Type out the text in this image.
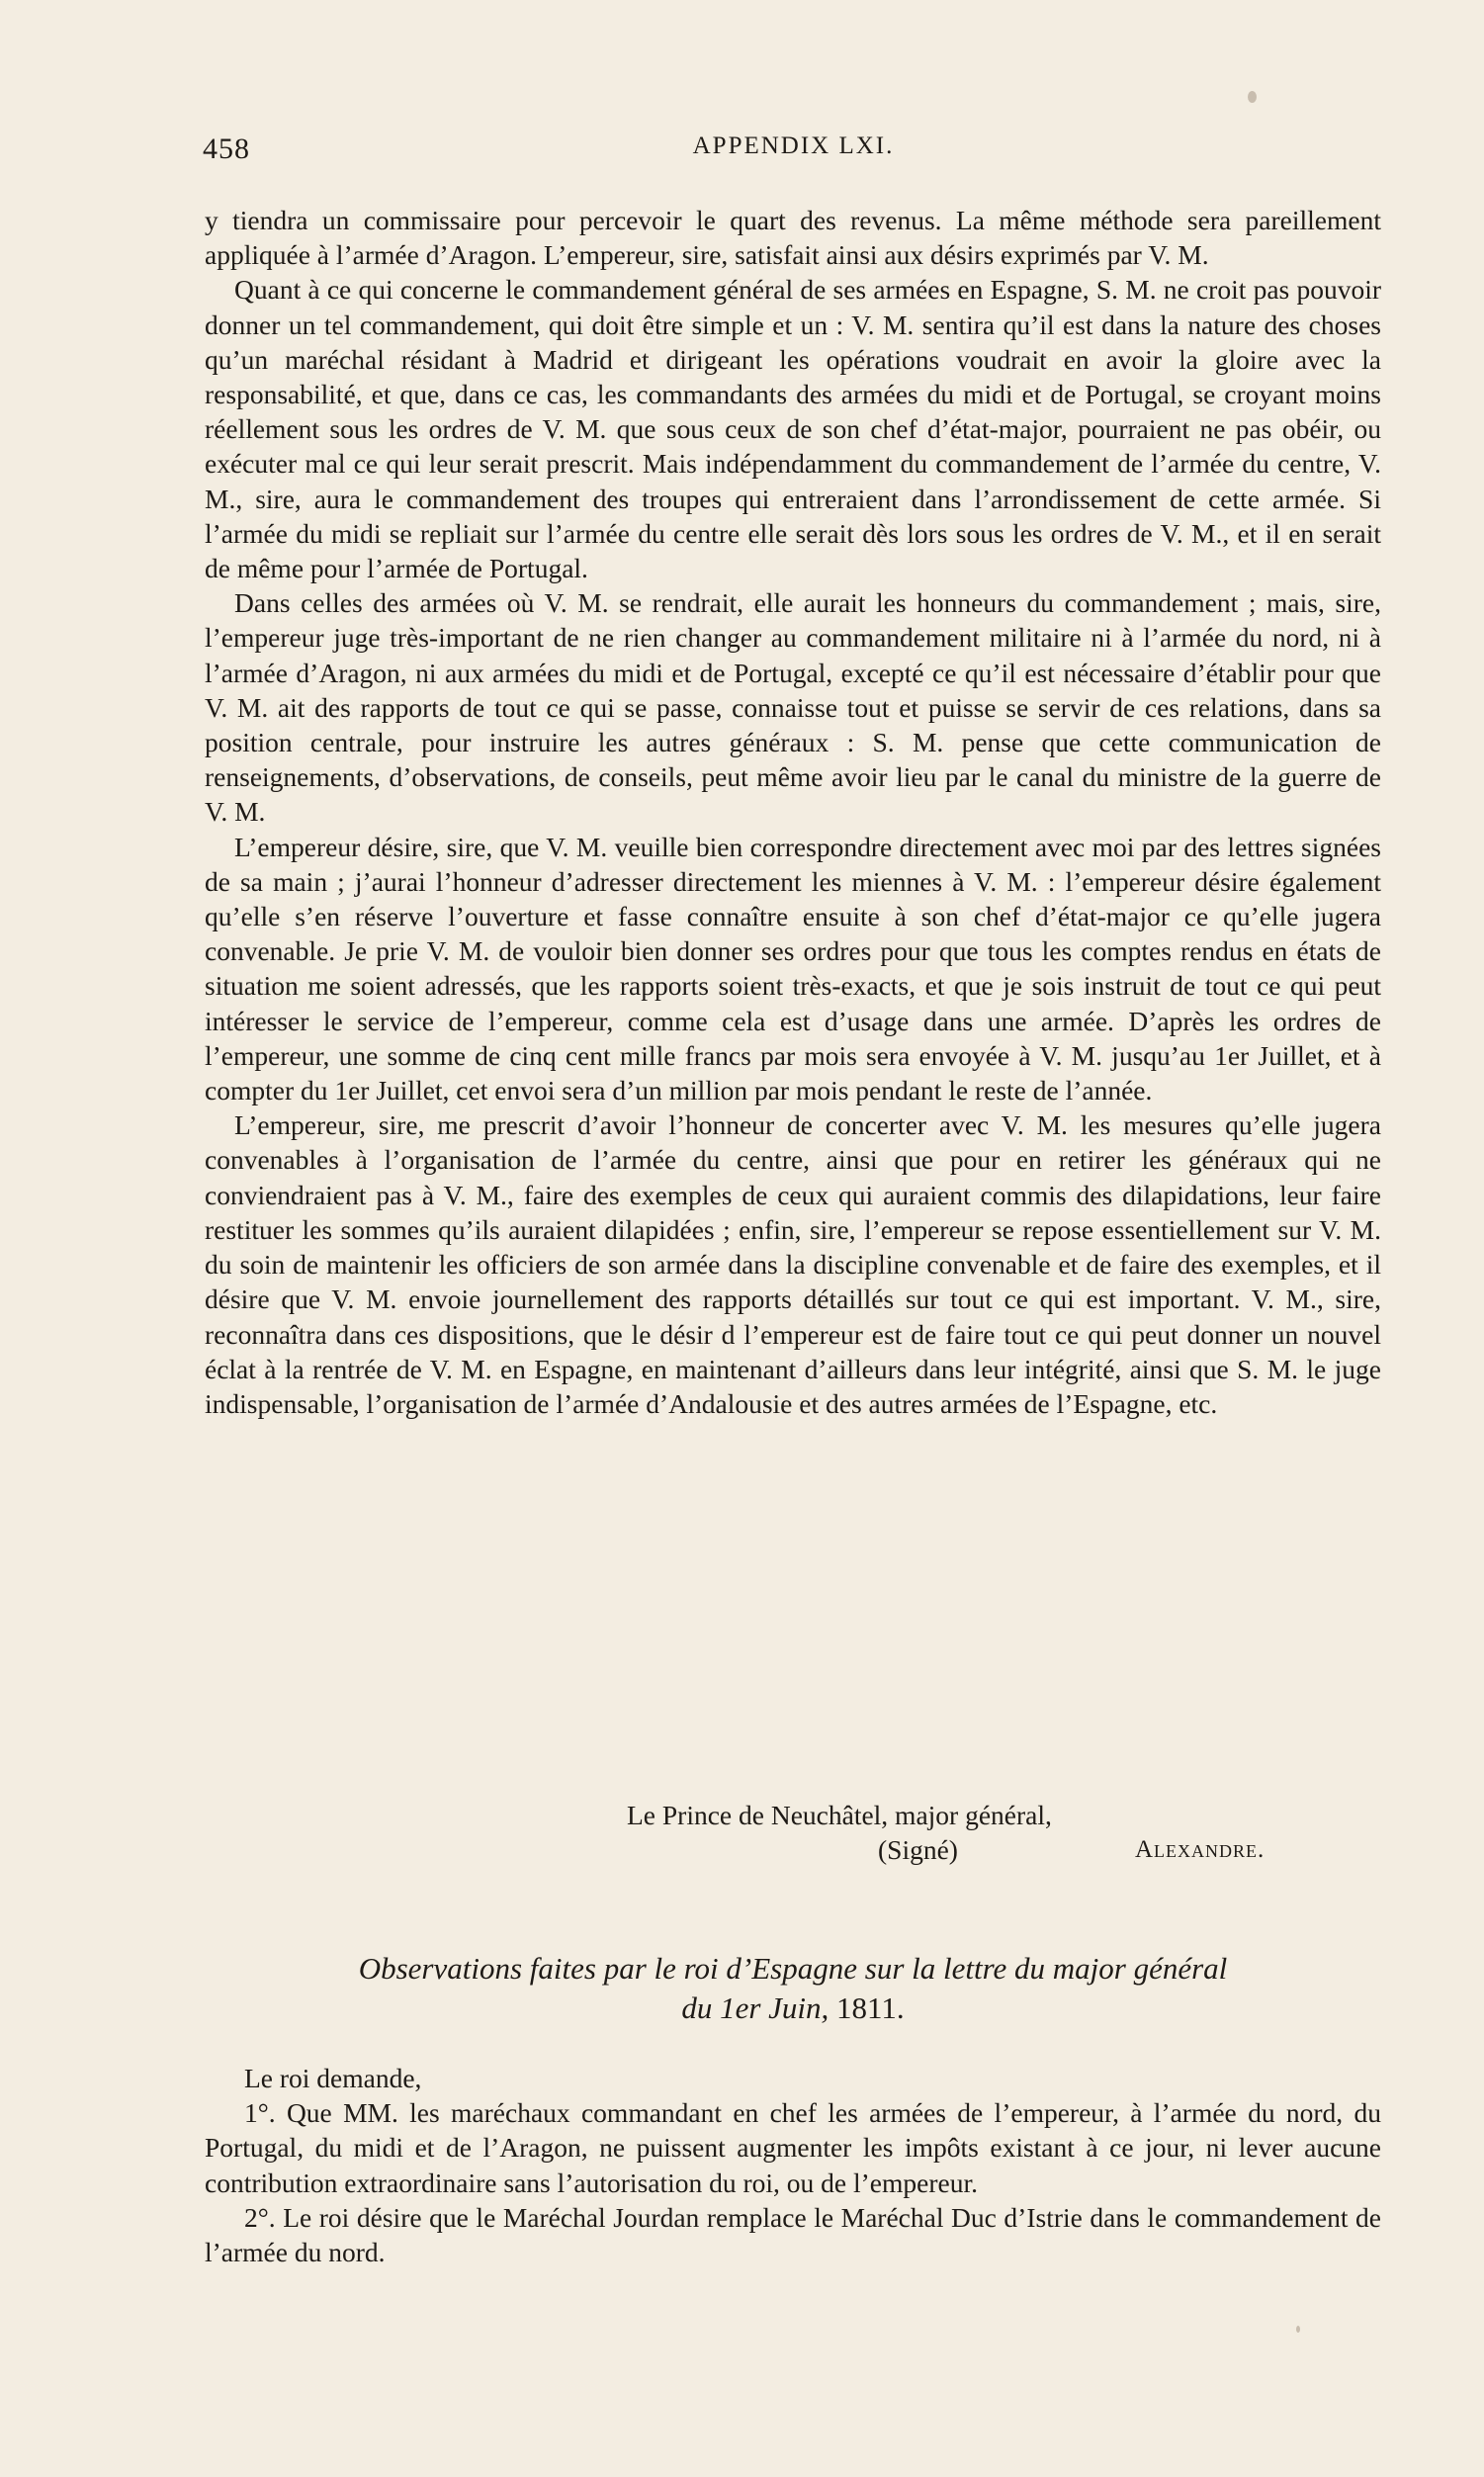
458	APPENDIX LXI.

y tiendra un commissaire pour percevoir le quart des revenus. La même méthode sera pareillement appliquée à l’armée d’Aragon. L’empereur, sire, satisfait ainsi aux désirs exprimés par V. M.

Quant à ce qui concerne le commandement général de ses armées en Espagne, S. M. ne croit pas pouvoir donner un tel commandement, qui doit être simple et un : V. M. sentira qu’il est dans la nature des choses qu’un maréchal résidant à Madrid et dirigeant les opérations voudrait en avoir la gloire avec la responsabilité, et que, dans ce cas, les commandants des armées du midi et de Portugal, se croyant moins réellement sous les ordres de V. M. que sous ceux de son chef d’état-major, pourraient ne pas obéir, ou exécuter mal ce qui leur serait prescrit. Mais indépendamment du commandement de l’armée du centre, V. M., sire, aura le commandement des troupes qui entreraient dans l’arrondissement de cette armée. Si l’armée du midi se repliait sur l’armée du centre elle serait dès lors sous les ordres de V. M., et il en serait de même pour l’armée de Portugal.

Dans celles des armées où V. M. se rendrait, elle aurait les honneurs du commandement ; mais, sire, l’empereur juge très-important de ne rien changer au commandement militaire ni à l’armée du nord, ni à l’armée d’Aragon, ni aux armées du midi et de Portugal, excepté ce qu’il est nécessaire d’établir pour que V. M. ait des rapports de tout ce qui se passe, connaisse tout et puisse se servir de ces relations, dans sa position centrale, pour instruire les autres généraux : S. M. pense que cette communication de renseignements, d’observations, de conseils, peut même avoir lieu par le canal du ministre de la guerre de V. M.

L’empereur désire, sire, que V. M. veuille bien correspondre directement avec moi par des lettres signées de sa main ; j’aurai l’honneur d’adresser directement les miennes à V. M. : l’empereur désire également qu’elle s’en réserve l’ouverture et fasse connaître ensuite à son chef d’état-major ce qu’elle jugera convenable. Je prie V. M. de vouloir bien donner ses ordres pour que tous les comptes rendus en états de situation me soient adressés, que les rapports soient très-exacts, et que je sois instruit de tout ce qui peut intéresser le service de l’empereur, comme cela est d’usage dans une armée. D’après les ordres de l’empereur, une somme de cinq cent mille francs par mois sera envoyée à V. M. jusqu’au 1er Juillet, et à compter du 1er Juillet, cet envoi sera d’un million par mois pendant le reste de l’année.

L’empereur, sire, me prescrit d’avoir l’honneur de concerter avec V. M. les mesures qu’elle jugera convenables à l’organisation de l’armée du centre, ainsi que pour en retirer les généraux qui ne conviendraient pas à V. M., faire des exemples de ceux qui auraient commis des dilapidations, leur faire restituer les sommes qu’ils auraient dilapidées ; enfin, sire, l’empereur se repose essentiellement sur V. M. du soin de maintenir les officiers de son armée dans la discipline convenable et de faire des exemples, et il désire que V. M. envoie journellement des rapports détaillés sur tout ce qui est important. V. M., sire, reconnaîtra dans ces dispositions, que le désir d l’empereur est de faire tout ce qui peut donner un nouvel éclat à la rentrée de V. M. en Espagne, en maintenant d’ailleurs dans leur intégrité, ainsi que S. M. le juge indispensable, l’organisation de l’armée d’Andalousie et des autres armées de l’Espagne, etc.

Le Prince de Neuchâtel, major général,
(Signé)	Alexandre.
Observations faites par le roi d’Espagne sur la lettre du major général
du 1er Juin, 1811.

Le roi demande,

1°. Que MM. les maréchaux commandant en chef les armées de l’empereur, à l’armée du nord, du Portugal, du midi et de l’Aragon, ne puissent augmenter les impôts existant à ce jour, ni lever aucune contribution extraordinaire sans l’autorisation du roi, ou de l’empereur.

2°. Le roi désire que le Maréchal Jourdan remplace le Maréchal Duc d’Istrie dans le commandement de l’armée du nord.
